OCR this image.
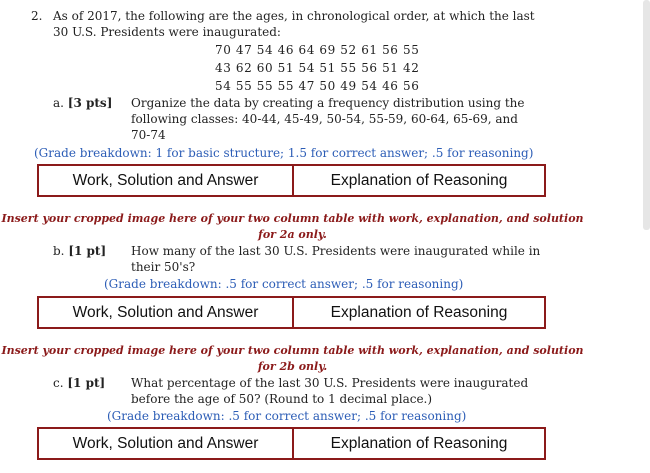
2. As of 2017, the following are the ages, in chronological order, at which the last
30 U.S. Presidents were inaugurated:
70 47 54 46 64 69 52 61 56 55
43 62 60 51 54 51 55 56 51 42
54 55 55 55 47 50 49 54 46 56
a. [3 pts] Organize the data by creating a frequency distribution using the
following classes: 40-44, 45-49, 50-54, 55-59, 60-64, 65-69, and
70-74
(Grade breakdown: 1 for basic structure; 1.5 for correct answer; .5 for reasoning)
Work, Solution and Answer	Explanation of Reasoning
Insert your cropped image here of your two column table with work, explanation, and solution
for 2a only.
b. [1 pt] How many of the last 30 U.S. Presidents were inaugurated while in
their 50's?
(Grade breakdown: .5 for correct answer; .5 for reasoning)
Work, Solution and Answer	Explanation of Reasoning
Insert your cropped image here of your two column table with work, explanation, and solution
for 2b only.
c. [1 pt] What percentage of the last 30 U.S. Presidents were inaugurated
before the age of 50? (Round to 1 decimal place.)
(Grade breakdown: .5 for correct answer; .5 for reasoning)
Work, Solution and Answer	Explanation of Reasoning
